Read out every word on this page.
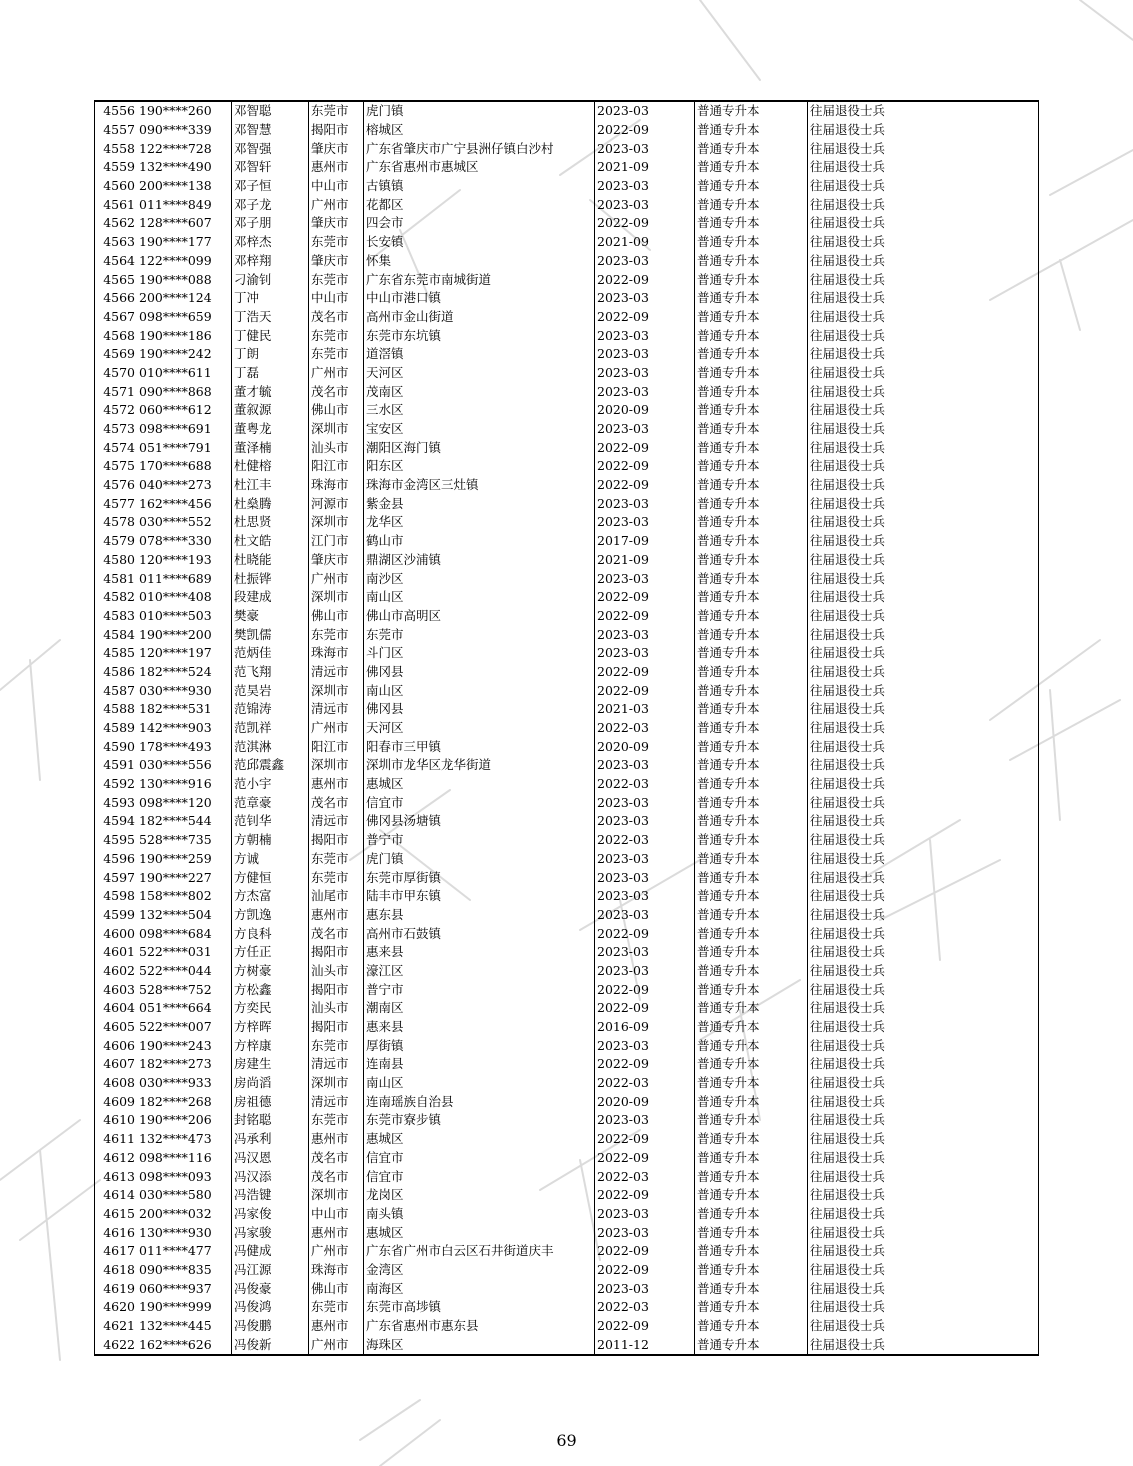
4556	190****260	邓智聪	东莞市	虎门镇	2023-03	普通专升本	往届退役士兵
4557	090****339	邓智慧	揭阳市	榕城区	2022-09	普通专升本	往届退役士兵
4558	122****728	邓智强	肇庆市	广东省肇庆市广宁县洲仔镇白沙村	2023-03	普通专升本	往届退役士兵
4559	132****490	邓智轩	惠州市	广东省惠州市惠城区	2021-09	普通专升本	往届退役士兵
4560	200****138	邓子恒	中山市	古镇镇	2023-03	普通专升本	往届退役士兵
4561	011****849	邓子龙	广州市	花都区	2023-03	普通专升本	往届退役士兵
4562	128****607	邓子朋	肇庆市	四会市	2022-09	普通专升本	往届退役士兵
4563	190****177	邓梓杰	东莞市	长安镇	2021-09	普通专升本	往届退役士兵
4564	122****099	邓梓翔	肇庆市	怀集	2023-03	普通专升本	往届退役士兵
4565	190****088	刁渝钊	东莞市	广东省东莞市南城街道	2022-09	普通专升本	往届退役士兵
4566	200****124	丁冲	中山市	中山市港口镇	2023-03	普通专升本	往届退役士兵
4567	098****659	丁浩天	茂名市	高州市金山街道	2022-09	普通专升本	往届退役士兵
4568	190****186	丁健民	东莞市	东莞市东坑镇	2023-03	普通专升本	往届退役士兵
4569	190****242	丁朗	东莞市	道滘镇	2023-03	普通专升本	往届退役士兵
4570	010****611	丁磊	广州市	天河区	2023-03	普通专升本	往届退役士兵
4571	090****868	董才毓	茂名市	茂南区	2023-03	普通专升本	往届退役士兵
4572	060****612	董叙源	佛山市	三水区	2020-09	普通专升本	往届退役士兵
4573	098****691	董粤龙	深圳市	宝安区	2023-03	普通专升本	往届退役士兵
4574	051****791	董泽楠	汕头市	潮阳区海门镇	2022-09	普通专升本	往届退役士兵
4575	170****688	杜健榕	阳江市	阳东区	2022-09	普通专升本	往届退役士兵
4576	040****273	杜江丰	珠海市	珠海市金湾区三灶镇	2022-09	普通专升本	往届退役士兵
4577	162****456	杜燊腾	河源市	紫金县	2023-03	普通专升本	往届退役士兵
4578	030****552	杜思贤	深圳市	龙华区	2023-03	普通专升本	往届退役士兵
4579	078****330	杜文皓	江门市	鹤山市	2017-09	普通专升本	往届退役士兵
4580	120****193	杜晓能	肇庆市	鼎湖区沙浦镇	2021-09	普通专升本	往届退役士兵
4581	011****689	杜振铧	广州市	南沙区	2023-03	普通专升本	往届退役士兵
4582	010****408	段建成	深圳市	南山区	2022-09	普通专升本	往届退役士兵
4583	010****503	樊豪	佛山市	佛山市高明区	2022-09	普通专升本	往届退役士兵
4584	190****200	樊凯儒	东莞市	东莞市	2023-03	普通专升本	往届退役士兵
4585	120****197	范炳佳	珠海市	斗门区	2023-03	普通专升本	往届退役士兵
4586	182****524	范飞翔	清远市	佛冈县	2022-09	普通专升本	往届退役士兵
4587	030****930	范昊岩	深圳市	南山区	2022-09	普通专升本	往届退役士兵
4588	182****531	范锦涛	清远市	佛冈县	2021-03	普通专升本	往届退役士兵
4589	142****903	范凯祥	广州市	天河区	2022-03	普通专升本	往届退役士兵
4590	178****493	范淇淋	阳江市	阳春市三甲镇	2020-09	普通专升本	往届退役士兵
4591	030****556	范邱震鑫	深圳市	深圳市龙华区龙华街道	2023-03	普通专升本	往届退役士兵
4592	130****916	范小宇	惠州市	惠城区	2022-03	普通专升本	往届退役士兵
4593	098****120	范章豪	茂名市	信宜市	2023-03	普通专升本	往届退役士兵
4594	182****544	范钊华	清远市	佛冈县汤塘镇	2023-03	普通专升本	往届退役士兵
4595	528****735	方朝楠	揭阳市	普宁市	2022-03	普通专升本	往届退役士兵
4596	190****259	方诚	东莞市	虎门镇	2023-03	普通专升本	往届退役士兵
4597	190****227	方健恒	东莞市	东莞市厚街镇	2023-03	普通专升本	往届退役士兵
4598	158****802	方杰富	汕尾市	陆丰市甲东镇	2023-03	普通专升本	往届退役士兵
4599	132****504	方凯逸	惠州市	惠东县	2023-03	普通专升本	往届退役士兵
4600	098****684	方良科	茂名市	高州市石鼓镇	2022-09	普通专升本	往届退役士兵
4601	522****031	方任正	揭阳市	惠来县	2023-03	普通专升本	往届退役士兵
4602	522****044	方树豪	汕头市	濠江区	2023-03	普通专升本	往届退役士兵
4603	528****752	方松鑫	揭阳市	普宁市	2022-09	普通专升本	往届退役士兵
4604	051****664	方奕民	汕头市	潮南区	2022-09	普通专升本	往届退役士兵
4605	522****007	方梓晖	揭阳市	惠来县	2016-09	普通专升本	往届退役士兵
4606	190****243	方梓康	东莞市	厚街镇	2023-03	普通专升本	往届退役士兵
4607	182****273	房建生	清远市	连南县	2022-09	普通专升本	往届退役士兵
4608	030****933	房尚滔	深圳市	南山区	2022-03	普通专升本	往届退役士兵
4609	182****268	房祖德	清远市	连南瑶族自治县	2020-09	普通专升本	往届退役士兵
4610	190****206	封铭聪	东莞市	东莞市寮步镇	2023-03	普通专升本	往届退役士兵
4611	132****473	冯承利	惠州市	惠城区	2022-09	普通专升本	往届退役士兵
4612	098****116	冯汉恩	茂名市	信宜市	2022-09	普通专升本	往届退役士兵
4613	098****093	冯汉添	茂名市	信宜市	2022-03	普通专升本	往届退役士兵
4614	030****580	冯浩键	深圳市	龙岗区	2022-09	普通专升本	往届退役士兵
4615	200****032	冯家俊	中山市	南头镇	2023-03	普通专升本	往届退役士兵
4616	130****930	冯家骏	惠州市	惠城区	2023-03	普通专升本	往届退役士兵
4617	011****477	冯健成	广州市	广东省广州市白云区石井街道庆丰	2022-09	普通专升本	往届退役士兵
4618	090****835	冯江源	珠海市	金湾区	2022-09	普通专升本	往届退役士兵
4619	060****937	冯俊豪	佛山市	南海区	2023-03	普通专升本	往届退役士兵
4620	190****999	冯俊鸿	东莞市	东莞市高埗镇	2022-03	普通专升本	往届退役士兵
4621	132****445	冯俊鹏	惠州市	广东省惠州市惠东县	2022-09	普通专升本	往届退役士兵
4622	162****626	冯俊新	广州市	海珠区	2011-12	普通专升本	往届退役士兵
69
